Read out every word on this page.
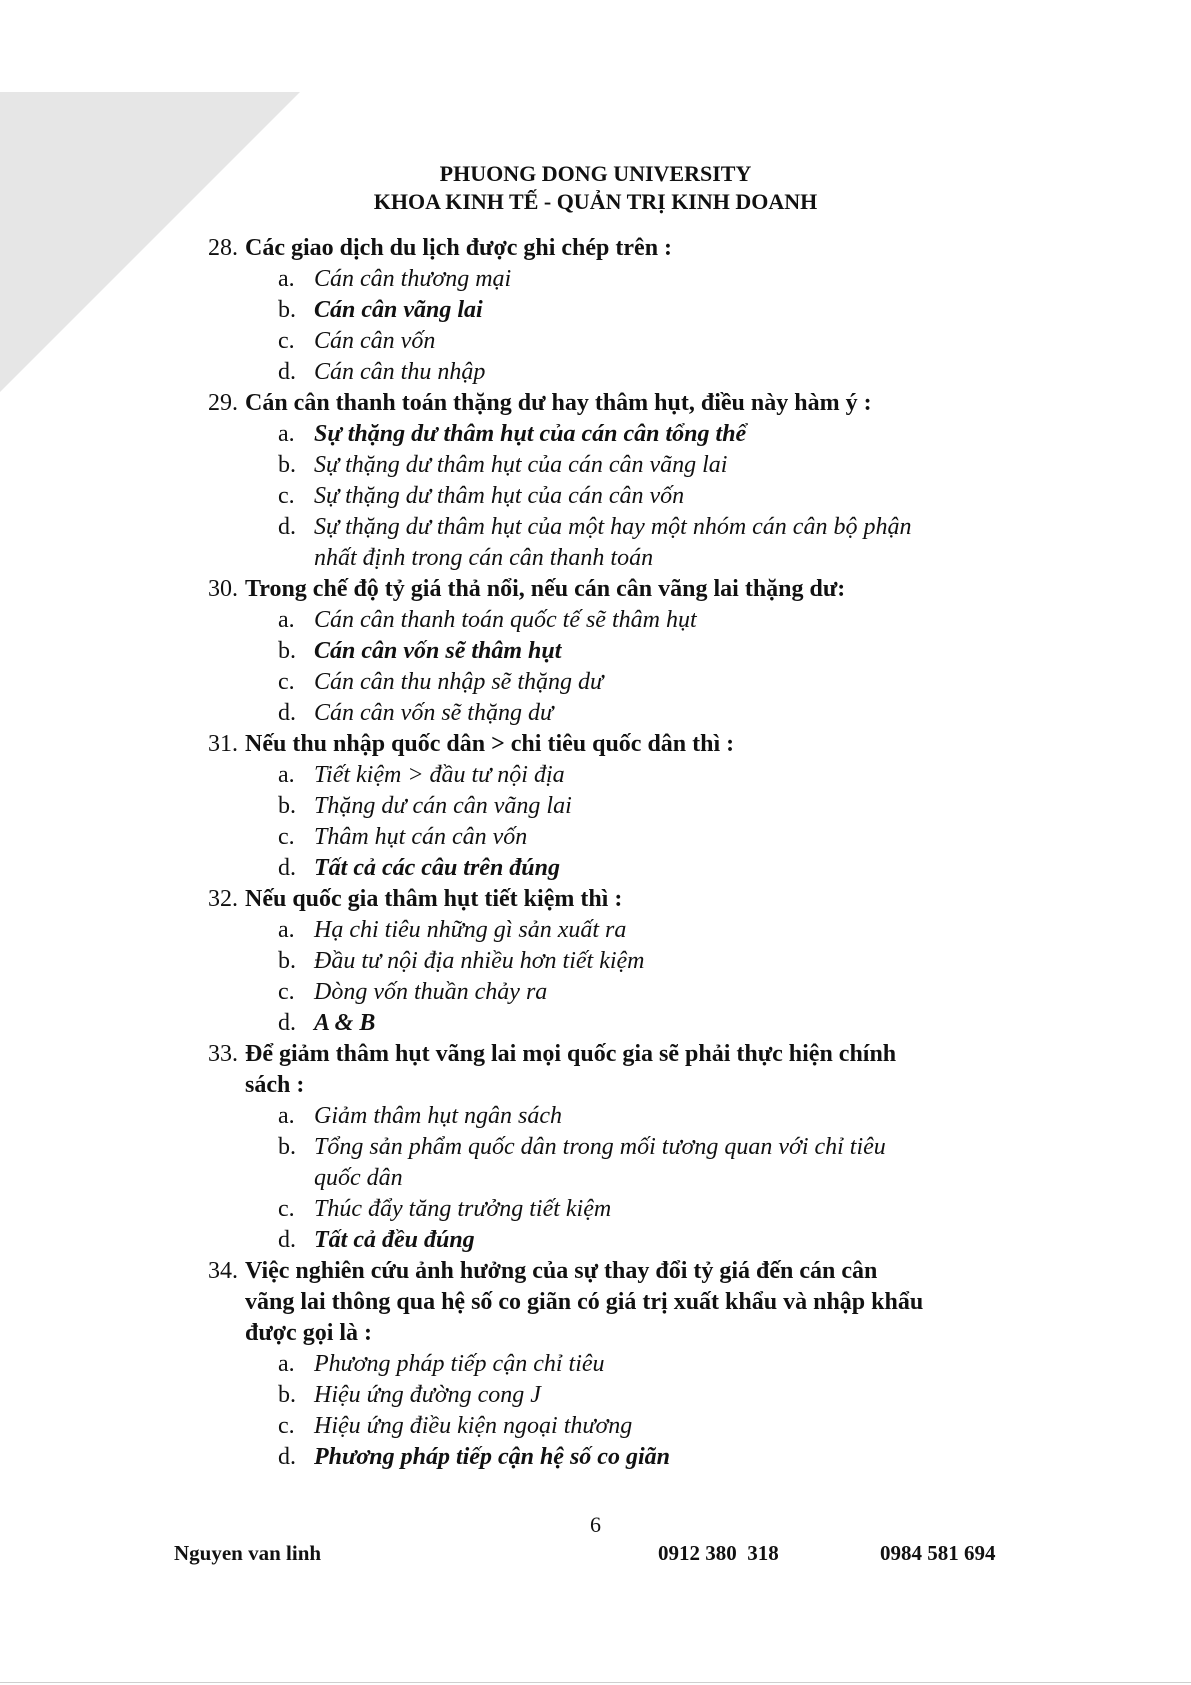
PHUONG DONG UNIVERSITY
KHOA KINH TẾ - QUẢN TRỊ KINH DOANH
28. Các giao dịch du lịch được ghi chép trên :
a. Cán cân thương mại
b. Cán cân vãng lai
c. Cán cân vốn
d. Cán cân thu nhập
29. Cán cân thanh toán thặng dư hay thâm hụt, điều này hàm ý :
a. Sự thặng dư thâm hụt của cán cân tổng thể
b. Sự thặng dư thâm hụt của cán cân vãng lai
c. Sự thặng dư thâm hụt của cán cân vốn
d. Sự thặng dư thâm hụt của một hay một nhóm cán cân bộ phận
nhất định trong cán cân thanh toán
30. Trong chế độ tỷ giá thả nổi, nếu cán cân vãng lai thặng dư:
a. Cán cân thanh toán quốc tế sẽ thâm hụt
b. Cán cân vốn sẽ thâm hụt
c. Cán cân thu nhập sẽ thặng dư
d. Cán cân vốn sẽ thặng dư
31. Nếu thu nhập quốc dân > chi tiêu quốc dân thì :
a. Tiết kiệm > đầu tư nội địa
b. Thặng dư cán cân vãng lai
c. Thâm hụt cán cân vốn
d. Tất cả các câu trên đúng
32. Nếu quốc gia thâm hụt tiết kiệm thì :
a. Hạ chi tiêu những gì sản xuất ra
b. Đầu tư nội địa nhiều hơn tiết kiệm
c. Dòng vốn thuần chảy ra
d. A & B
33. Để giảm thâm hụt vãng lai mọi quốc gia sẽ phải thực hiện chính
sách :
a. Giảm thâm hụt ngân sách
b. Tổng sản phẩm quốc dân trong mối tương quan với chỉ tiêu
quốc dân
c. Thúc đẩy tăng trưởng tiết kiệm
d. Tất cả đều đúng
34. Việc nghiên cứu ảnh hưởng của sự thay đổi tỷ giá đến cán cân
vãng lai thông qua hệ số co giãn có giá trị xuất khẩu và nhập khẩu
được gọi là :
a. Phương pháp tiếp cận chỉ tiêu
b. Hiệu ứng đường cong J
c. Hiệu ứng điều kiện ngoại thương
d. Phương pháp tiếp cận hệ số co giãn
6
Nguyen van linh	0912 380  318	0984 581 694
